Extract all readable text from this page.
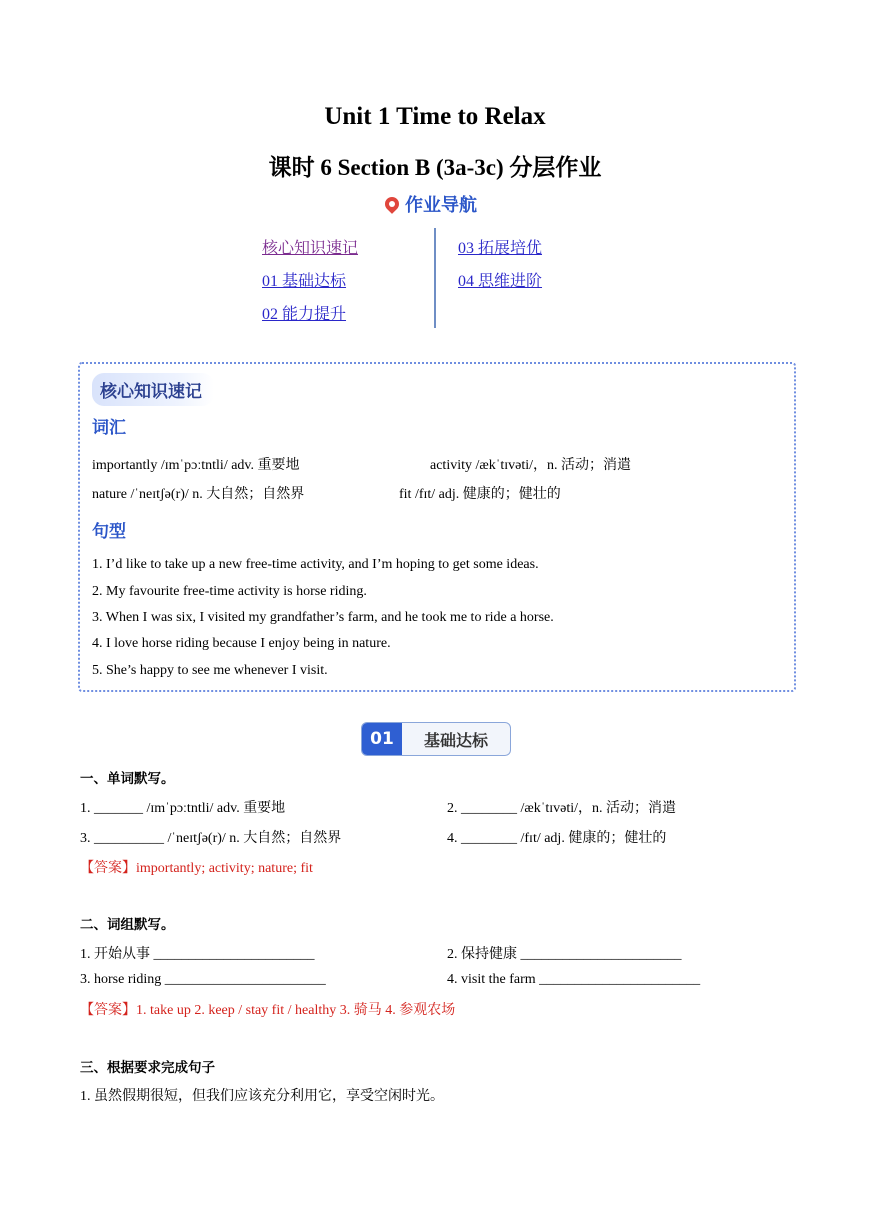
Unit 1 Time to Relax
课时 6 Section B (3a-3c) 分层作业
作业导航
核心知识速记
01 基础达标
02 能力提升
03 拓展培优
04 思维进阶
核心知识速记
词汇
importantly /ɪmˈpɔːtntli/ adv. 重要地	activity /ækˈtɪvəti/，n. 活动；消遣
nature /ˈneɪtʃə(r)/ n. 大自然；自然界	fit /fɪt/ adj. 健康的；健壮的
句型
1. I’d like to take up a new free-time activity, and I’m hoping to get some ideas.
2. My favourite free-time activity is horse riding.
3. When I was six, I visited my grandfather’s farm, and he took me to ride a horse.
4. I love horse riding because I enjoy being in nature.
5. She’s happy to see me whenever I visit.
01	基础达标
一、单词默写。
1. _______ /ɪmˈpɔːtntli/ adv. 重要地	2. ________ /ækˈtɪvəti/，n. 活动；消遣
3. __________ /ˈneɪtʃə(r)/ n. 大自然；自然界	4. ________ /fɪt/ adj. 健康的；健壮的
【答案】importantly; activity; nature; fit
二、词组默写。
1. 开始从事 _______________________	2. 保持健康 _______________________
3. horse riding _______________________	4. visit the farm _______________________
【答案】1. take up 2. keep / stay fit / healthy 3. 骑马 4. 参观农场
三、根据要求完成句子
1. 虽然假期很短，但我们应该充分利用它，享受空闲时光。
